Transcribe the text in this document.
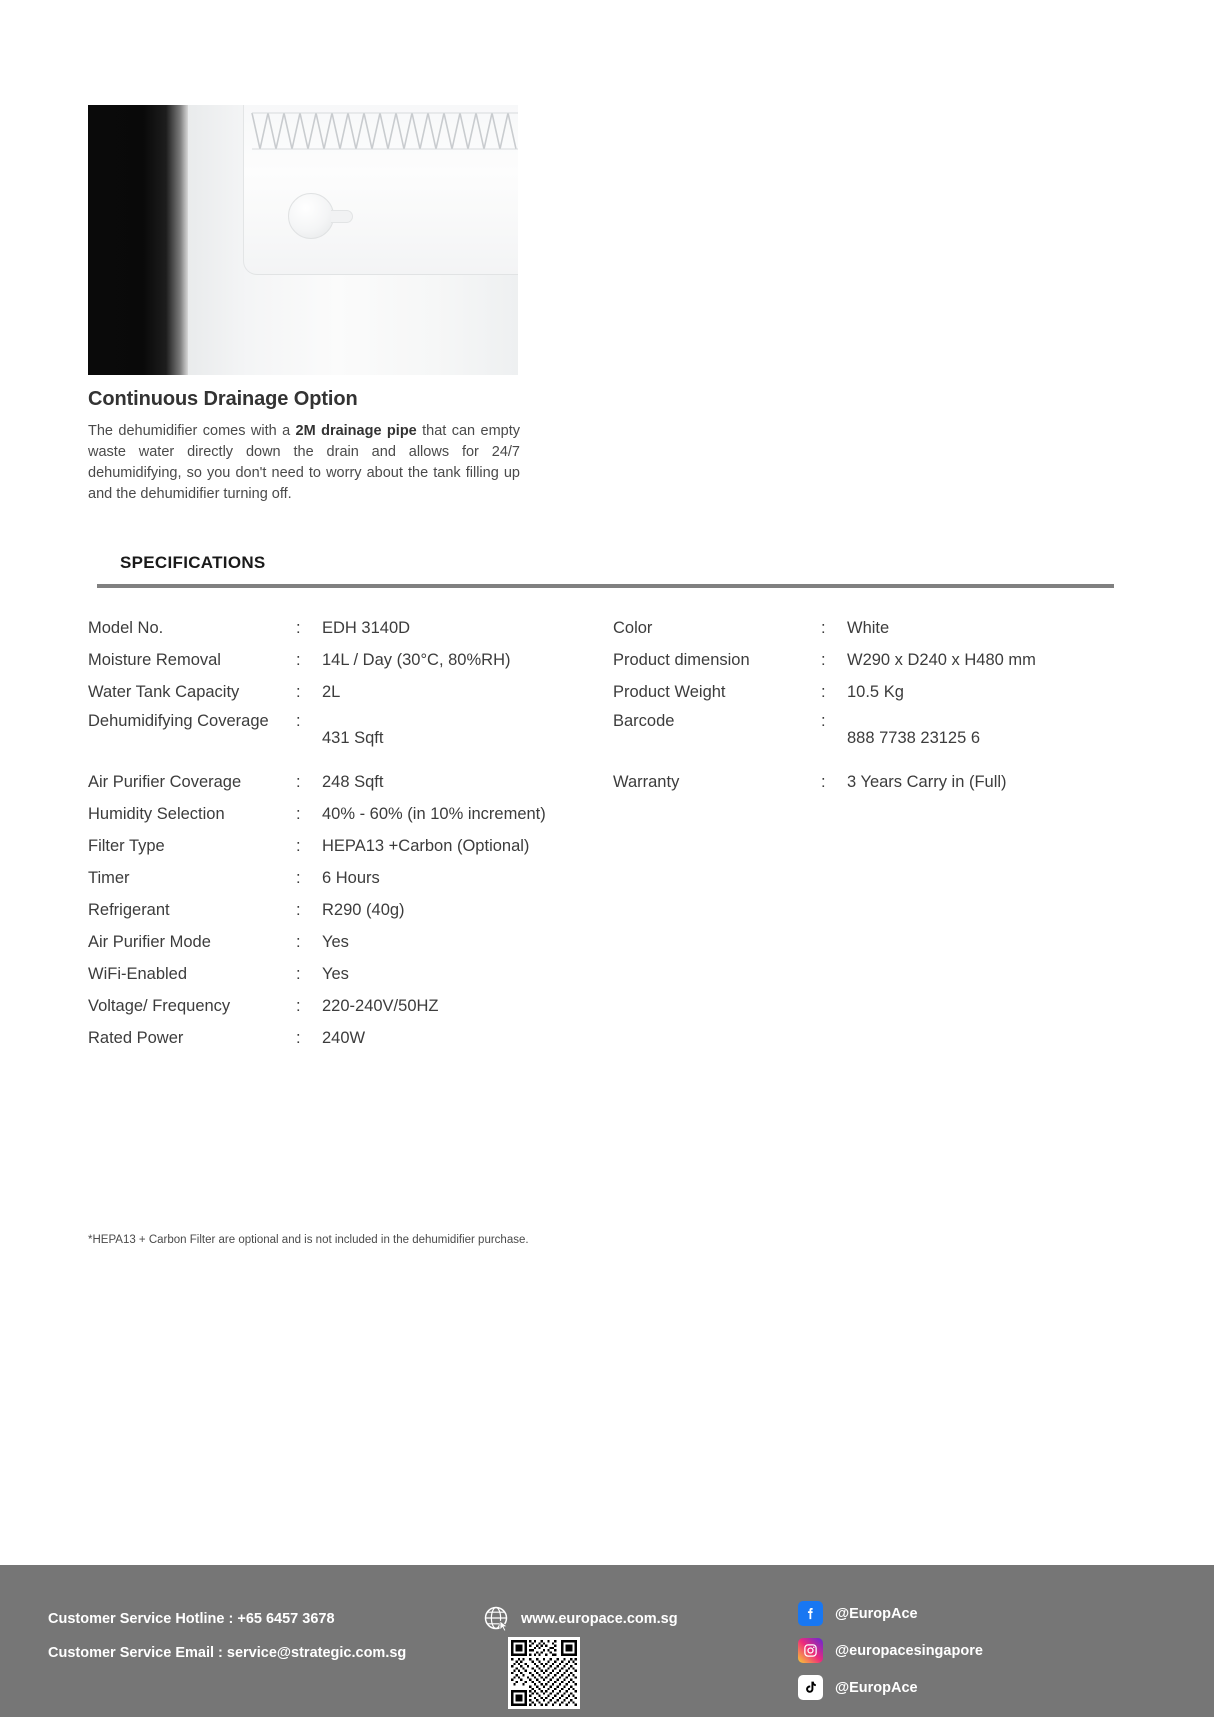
Continuous Drainage Option
The dehumidifier comes with a 2M drainage pipe that can empty waste water directly down the drain and allows for 24/7 dehumidifying, so you don't need to worry about the tank filling up and the dehumidifier turning off.
SPECIFICATIONS
Model No.	:	EDH 3140D
Moisture Removal	:	14L / Day (30°C, 80%RH)
Water Tank Capacity	:	2L
Dehumidifying Coverage	:
431 Sqft
Air Purifier Coverage	:	248 Sqft
Humidity Selection	:	40% - 60% (in 10% increment)
Filter Type	:	HEPA13 +Carbon (Optional)
Timer	:	6 Hours
Refrigerant	:	R290 (40g)
Air Purifier Mode	:	Yes
WiFi-Enabled	:	Yes
Voltage/ Frequency	:	220-240V/50HZ
Rated Power	:	240W
Color	:	White
Product dimension	:	W290 x D240 x H480 mm
Product Weight	:	10.5 Kg
Barcode	:
888 7738 23125 6
Warranty	:	3 Years Carry in (Full)
*HEPA13 + Carbon Filter are optional and is not included in the dehumidifier purchase.
Customer Service Hotline : +65 6457 3678
Customer Service Email : service@strategic.com.sg
www.europace.com.sg	@EuropAce
@europacesingapore
@EuropAce
